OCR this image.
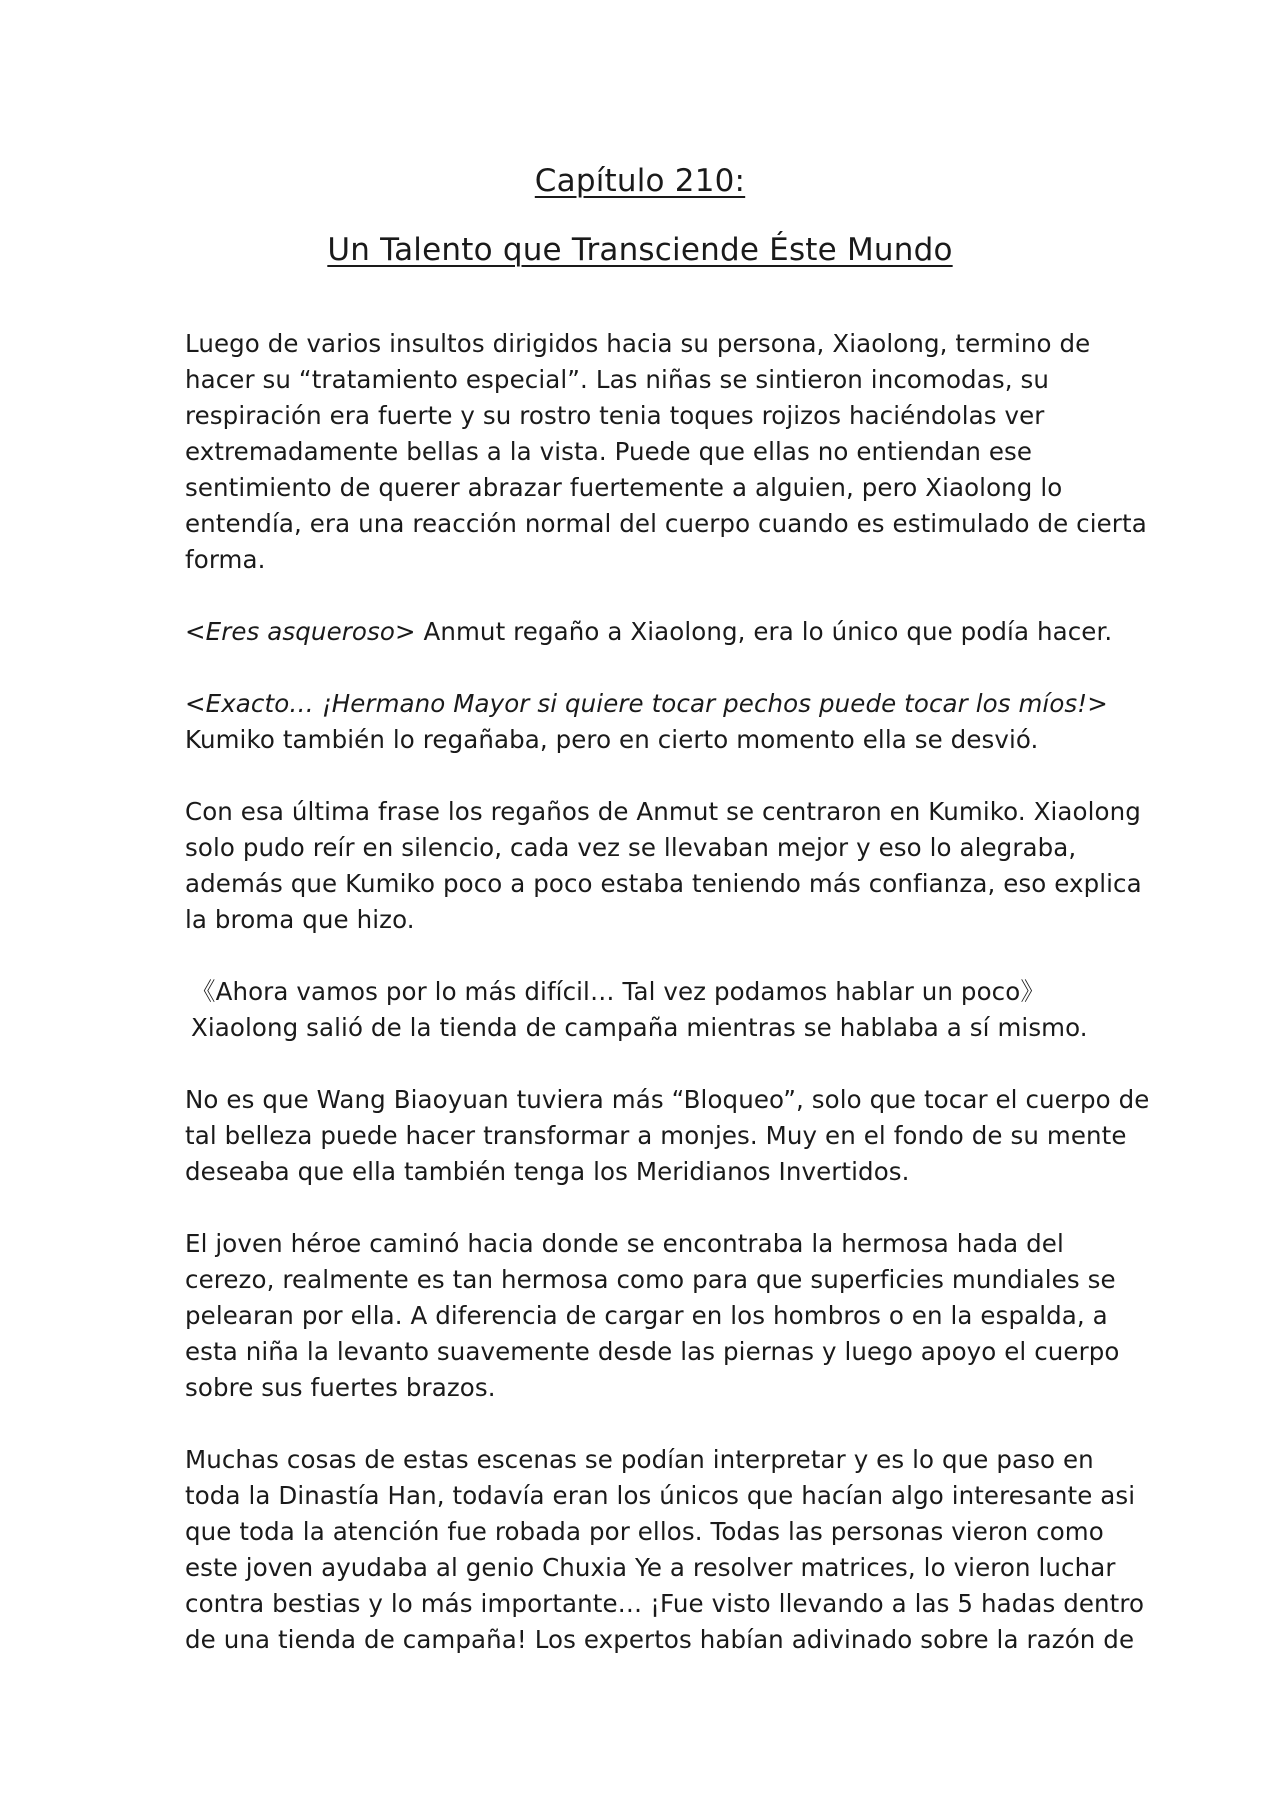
Capítulo 210:
Un Talento que Transciende Éste Mundo

Luego de varios insultos dirigidos hacia su persona, Xiaolong, termino de
hacer su “tratamiento especial”. Las niñas se sintieron incomodas, su
respiración era fuerte y su rostro tenia toques rojizos haciéndolas ver
extremadamente bellas a la vista. Puede que ellas no entiendan ese
sentimiento de querer abrazar fuertemente a alguien, pero Xiaolong lo
entendía, era una reacción normal del cuerpo cuando es estimulado de cierta
forma.

<Eres asqueroso> Anmut regaño a Xiaolong, era lo único que podía hacer.

<Exacto… ¡Hermano Mayor si quiere tocar pechos puede tocar los míos!>
Kumiko también lo regañaba, pero en cierto momento ella se desvió.

Con esa última frase los regaños de Anmut se centraron en Kumiko. Xiaolong
solo pudo reír en silencio, cada vez se llevaban mejor y eso lo alegraba,
además que Kumiko poco a poco estaba teniendo más confianza, eso explica
la broma que hizo.

《Ahora vamos por lo más difícil… Tal vez podamos hablar un poco》
Xiaolong salió de la tienda de campaña mientras se hablaba a sí mismo.

No es que Wang Biaoyuan tuviera más “Bloqueo”, solo que tocar el cuerpo de
tal belleza puede hacer transformar a monjes. Muy en el fondo de su mente
deseaba que ella también tenga los Meridianos Invertidos.

El joven héroe caminó hacia donde se encontraba la hermosa hada del
cerezo, realmente es tan hermosa como para que superficies mundiales se
pelearan por ella. A diferencia de cargar en los hombros o en la espalda, a
esta niña la levanto suavemente desde las piernas y luego apoyo el cuerpo
sobre sus fuertes brazos.

Muchas cosas de estas escenas se podían interpretar y es lo que paso en
toda la Dinastía Han, todavía eran los únicos que hacían algo interesante asi
que toda la atención fue robada por ellos. Todas las personas vieron como
este joven ayudaba al genio Chuxia Ye a resolver matrices, lo vieron luchar
contra bestias y lo más importante… ¡Fue visto llevando a las 5 hadas dentro
de una tienda de campaña! Los expertos habían adivinado sobre la razón de
